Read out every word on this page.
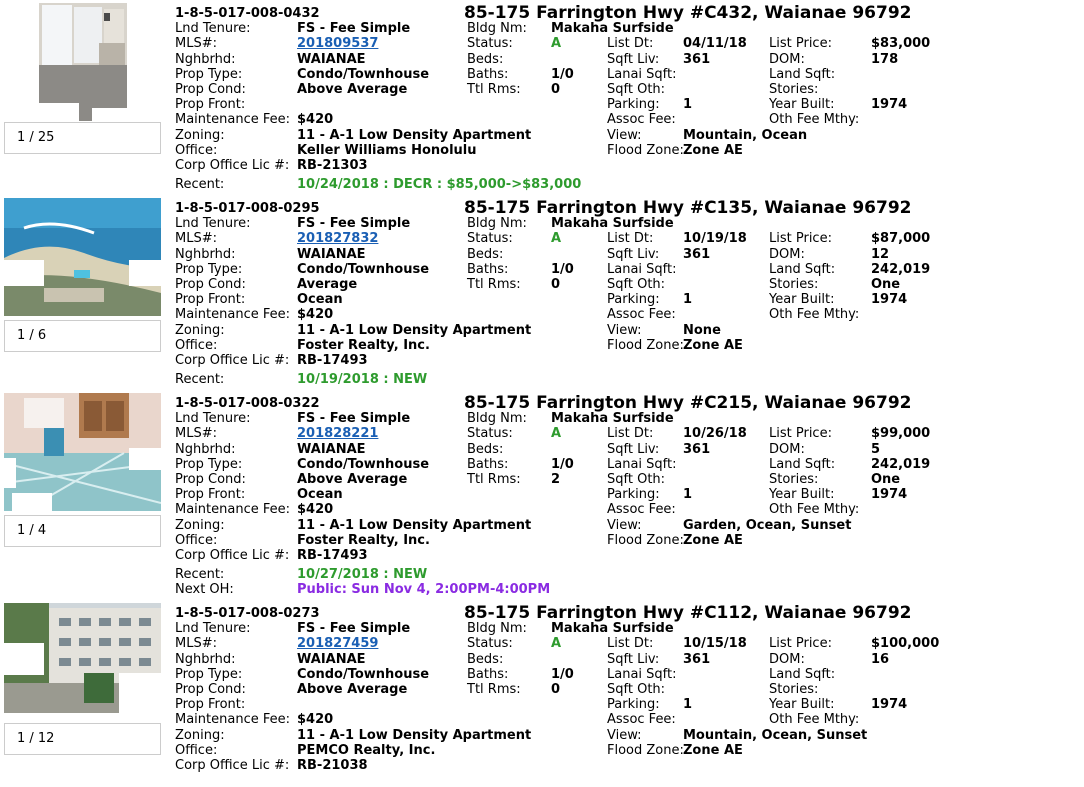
1 / 25
1-8-5-017-008-0432	85-175 Farrington Hwy #C432, Waianae 96792
Lnd Tenure:	FS - Fee Simple
MLS#:	201809537
Nghbrhd:	WAIANAE
Prop Type:	Condo/Townhouse
Prop Cond:	Above Average
Prop Front:
Maintenance Fee: $420
Zoning:	11 - A-1 Low Density Apartment
Office:	Keller Williams Honolulu
Corp Office Lic #: RB-21303
Bldg Nm: Makaha Surfside
Status:	A
Beds:
Baths:	1/0
Ttl Rms: 0
List Dt: 04/11/18
Sqft Liv: 361
Lanai Sqft:
Sqft Oth:
Parking: 1
Assoc Fee:
View:	Mountain, Ocean
Flood Zone: Zone AE
List Price:	$83,000
DOM:	178
Land Sqft:
Stories:
Year Built:	1974
Oth Fee Mthy:
Recent:	10/24/2018 : DECR : $85,000->$83,000
1 / 6
1-8-5-017-008-0295	85-175 Farrington Hwy #C135, Waianae 96792
Lnd Tenure:	FS - Fee Simple
MLS#:	201827832
Nghbrhd:	WAIANAE
Prop Type:	Condo/Townhouse
Prop Cond:	Average
Prop Front:	Ocean
Maintenance Fee: $420
Zoning:	11 - A-1 Low Density Apartment
Office:	Foster Realty, Inc.
Corp Office Lic #: RB-17493
Bldg Nm: Makaha Surfside
Status:	A
Beds:
Baths:	1/0
Ttl Rms: 0
List Dt: 10/19/18
Sqft Liv: 361
Lanai Sqft:
Sqft Oth:
Parking: 1
Assoc Fee:
View:	None
Flood Zone: Zone AE
List Price:	$87,000
DOM:	12
Land Sqft:	242,019
Stories:	One
Year Built:	1974
Oth Fee Mthy:
Recent:	10/19/2018 : NEW
1 / 4
1-8-5-017-008-0322	85-175 Farrington Hwy #C215, Waianae 96792
Lnd Tenure:	FS - Fee Simple
MLS#:	201828221
Nghbrhd:	WAIANAE
Prop Type:	Condo/Townhouse
Prop Cond:	Above Average
Prop Front:	Ocean
Maintenance Fee: $420
Zoning:	11 - A-1 Low Density Apartment
Office:	Foster Realty, Inc.
Corp Office Lic #: RB-17493
Bldg Nm: Makaha Surfside
Status:	A
Beds:
Baths:	1/0
Ttl Rms: 2
List Dt: 10/26/18
Sqft Liv: 361
Lanai Sqft:
Sqft Oth:
Parking: 1
Assoc Fee:
View:	Garden, Ocean, Sunset
Flood Zone: Zone AE
List Price:	$99,000
DOM:	5
Land Sqft:	242,019
Stories:	One
Year Built:	1974
Oth Fee Mthy:
Recent:	10/27/2018 : NEW
Next OH:	Public: Sun Nov 4, 2:00PM-4:00PM
1 / 12
1-8-5-017-008-0273	85-175 Farrington Hwy #C112, Waianae 96792
Lnd Tenure:	FS - Fee Simple
MLS#:	201827459
Nghbrhd:	WAIANAE
Prop Type:	Condo/Townhouse
Prop Cond:	Above Average
Prop Front:
Maintenance Fee: $420
Zoning:	11 - A-1 Low Density Apartment
Office:	PEMCO Realty, Inc.
Corp Office Lic #: RB-21038
Bldg Nm: Makaha Surfside
Status:	A
Beds:
Baths:	1/0
Ttl Rms: 0
List Dt: 10/15/18
Sqft Liv: 361
Lanai Sqft:
Sqft Oth:
Parking: 1
Assoc Fee:
View:	Mountain, Ocean, Sunset
Flood Zone: Zone AE
List Price:	$100,000
DOM:	16
Land Sqft:
Stories:
Year Built:	1974
Oth Fee Mthy:
